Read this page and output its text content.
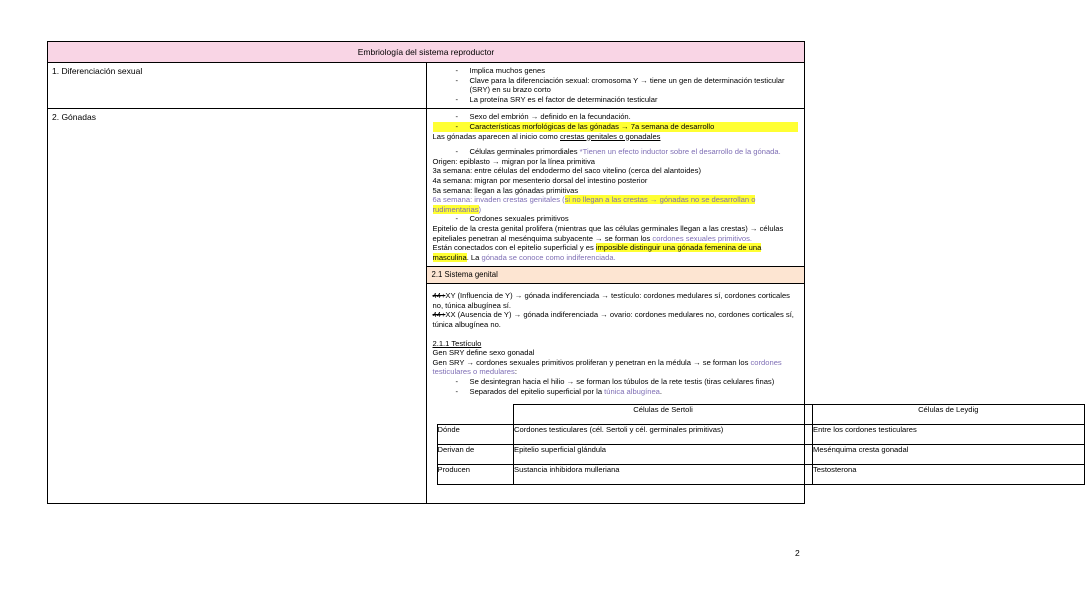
Embriología del sistema reproductor
1. Diferenciación sexual	
-Implica muchos genes
- Clave para la diferenciación sexual: cromosoma Y → tiene un gen de determinación testicular (SRY) en su brazo corto
- La proteína SRY es el factor de determinación testicular

2. Gónadas	
-Sexo del embrión → definido en la fecundación.
- Características morfológicas de las gónadas → 7a semana de desarrollo
Las gónadas aparecen al inicio como crestas genitales o gonadales
- Células germinales primordiales *Tienen un efecto inductor sobre el desarrollo de la gónada.
Origen: epiblasto → migran por la línea primitiva
3a semana: entre células del endodermo del saco vitelino (cerca del alantoides)
4a semana: migran por mesenterio dorsal del intestino posterior
5a semana: llegan a las gónadas primitivas
6a semana: invaden crestas genitales (si no llegan a las crestas → gónadas no se desarrollan o rudimentarias)
- Cordones sexuales primitivos
Epitelio de la cresta genital prolifera (mientras que las células germinales llegan a las crestas) → células epiteliales penetran al mesénquima subyacente → se forman los cordones sexuales primitivos.
Están conectados con el epitelio superficial y es imposible distinguir una gónada femenina de una masculina. La gónada se conoce como indiferenciada.

2.1 Sistema genital

44+XY (Influencia de Y) → gónada indiferenciada → testículo: cordones medulares sí, cordones corticales no, túnica albugínea sí.
44+XX (Ausencia de Y) → gónada indiferenciada → ovario: cordones medulares no, cordones corticales sí, túnica albugínea no.
2.1.1 Testículo
Gen SRY define sexo gonadal
Gen SRY → cordones sexuales primitivos proliferan y penetran en la médula → se forman los cordones testiculares o medulares:
- Se desintegran hacia el hilio → se forman los túbulos de la rete testis (tiras celulares finas)
- Separados del epitelio superficial por la túnica albugínea.
	Células de Sertoli	Células de Leydig
Dónde	Cordones testiculares (cél. Sertoli y cél. germinales primitivas)	Entre los cordones testiculares
Derivan de	Epitelio superficial glándula	Mesénquima cresta gonadal
Producen	Sustancia inhibidora mulleriana	Testosterona
2
